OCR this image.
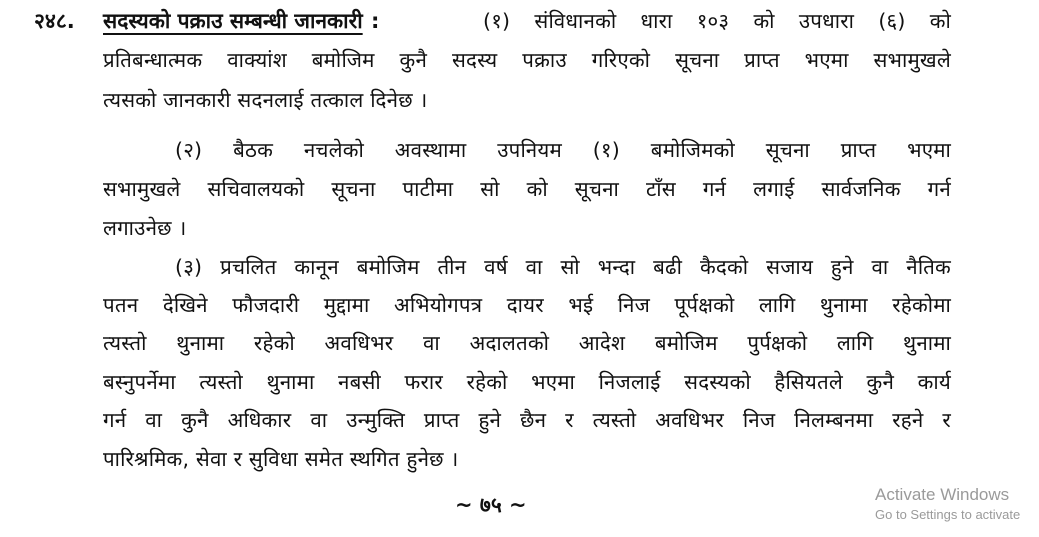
२४८. सदस्यको पक्राउ सम्बन्धी जानकारी :	(१) संविधानको धारा १०३ को उपधारा (६) को
प्रतिबन्धात्मक वाक्यांश बमोजिम कुनै सदस्य पक्राउ गरिएको सूचना प्राप्त भएमा सभामुखले
त्यसको जानकारी सदनलाई तत्काल दिनेछ ।
(२) बैठक नचलेको अवस्थामा उपनियम (१) बमोजिमको सूचना प्राप्त भएमा
सभामुखले सचिवालयको सूचना पाटीमा सो को सूचना टाँस गर्न लगाई सार्वजनिक गर्न
लगाउनेछ ।
(३) प्रचलित कानून बमोजिम तीन वर्ष वा सो भन्दा बढी कैदको सजाय हुने वा नैतिक
पतन देखिने फौजदारी मुद्दामा अभियोगपत्र दायर भई निज पूर्पक्षको लागि थुनामा रहेकोमा
त्यस्तो थुनामा रहेको अवधिभर वा अदालतको आदेश बमोजिम पुर्पक्षको लागि थुनामा
बस्नुपर्नेमा त्यस्तो थुनामा नबसी फरार रहेको भएमा निजलाई सदस्यको हैसियतले कुनै कार्य
गर्न वा कुनै अधिकार वा उन्मुक्ति प्राप्त हुने छैन र त्यस्तो अवधिभर निज निलम्बनमा रहने र
पारिश्रमिक, सेवा र सुविधा समेत स्थगित हुनेछ ।
~ ७५ ~	Activate Windows
Go to Settings to activate
